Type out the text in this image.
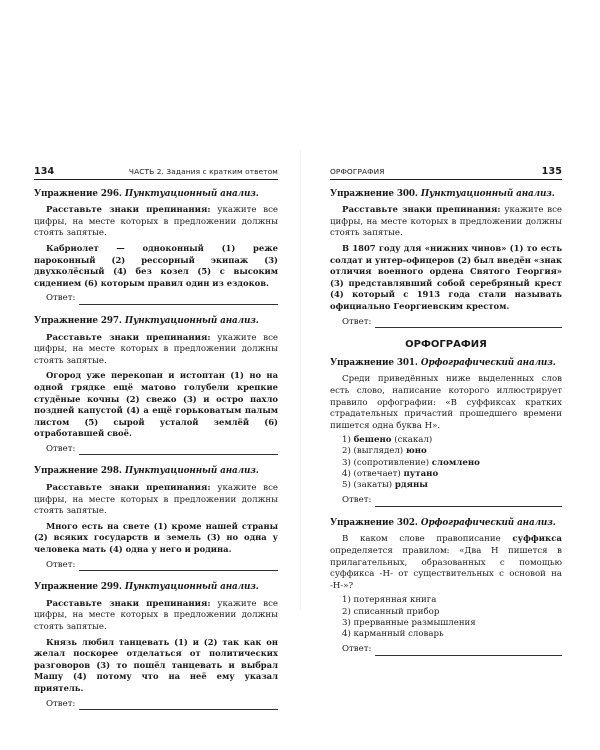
134	ЧАСТЬ 2. Задания с кратким ответом
Упражнение 296. Пунктуационный анализ.

Расставьте знаки препинания: укажите все цифры, на месте которых в предложении должны стоять запятые.

Кабриолет — одноконный (1) реже пароконный (2) рессорный экипаж (3) двухколёсный (4) без козел (5) с высоким сидением (6) которым правил один из ездоков.

Ответ:
Упражнение 297. Пунктуационный анализ.

Расставьте знаки препинания: укажите все цифры, на месте которых в предложении должны стоять запятые.

Огород уже перекопан и истоптан (1) но на одной грядке ещё матово голубели крепкие студёные кочны (2) свежо (3) и остро пахло поздней капустой (4) а ещё горьковатым палым листом (5) сырой усталой землёй (6) отработавшей своё.

Ответ:
Упражнение 298. Пунктуационный анализ.

Расставьте знаки препинания: укажите все цифры, на месте которых в предложении должны стоять запятые.

Много есть на свете (1) кроме нашей страны (2) всяких государств и земель (3) но одна у человека мать (4) одна у него и родина.

Ответ:
Упражнение 299. Пунктуационный анализ.

Расставьте знаки препинания: укажите все цифры, на месте которых в предложении должны стоять запятые.

Князь любил танцевать (1) и (2) так как он желал поскорее отделаться от политических разговоров (3) то пошёл танцевать и выбрал Машу (4) потому что на неё ему указал приятель.

Ответ:
ОРФОГРАФИЯ	135
Упражнение 300. Пунктуационный анализ.

Расставьте знаки препинания: укажите все цифры, на месте которых в предложении должны стоять запятые.

В 1807 году для «нижних чинов» (1) то есть солдат и унтер-офицеров (2) был введён «знак отличия военного ордена Святого Георгия» (3) представлявший собой серебряный крест (4) который с 1913 года стали называть официально Георгиевским крестом.

Ответ:
ОРФОГРАФИЯ
Упражнение 301. Орфографический анализ.

Среди приведённых ниже выделенных слов есть слово, написание которого иллюстрирует правило орфографии: «В суффиксах кратких страдательных причастий прошедшего времени пишется одна буква Н».

1) бешено (скакал)
2) (выглядел) юно
3) (сопротивление) сломлено
4) (отвечает) путано
5) (закаты) рдяны
Ответ:
Упражнение 302. Орфографический анализ.

В каком слове правописание суффикса определяется правилом: «Два Н пишется в прилагательных, образованных с помощью суффикса -Н- от существительных с основой на -Н-»?

1) потерянная книга
2) списанный прибор
3) прерванные размышления
4) карманный словарь
Ответ:
